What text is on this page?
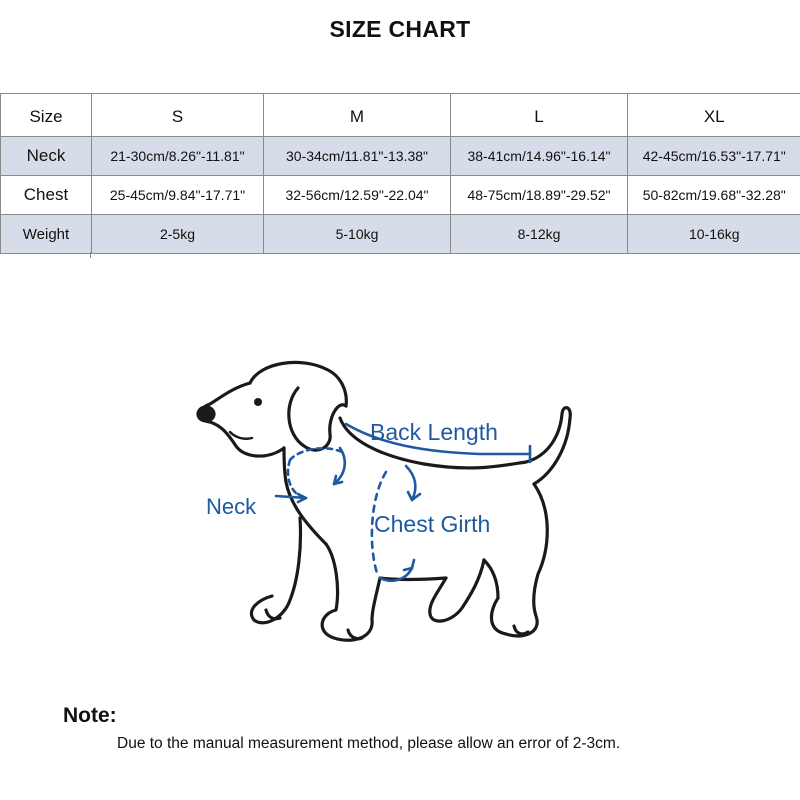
SIZE CHART
Size	S	M	L	XL
Neck	21-30cm/8.26"-11.81"	30-34cm/11.81"-13.38"	38-41cm/14.96"-16.14"	42-45cm/16.53"-17.71"
Chest	25-45cm/9.84"-17.71"	32-56cm/12.59"-22.04"	48-75cm/18.89"-29.52"	50-82cm/19.68"-32.28"
Weight	2-5kg	5-10kg	8-12kg	10-16kg
Back Length
Neck
Chest Girth
Note:
Due to the manual measurement method, please allow an error of 2-3cm.
